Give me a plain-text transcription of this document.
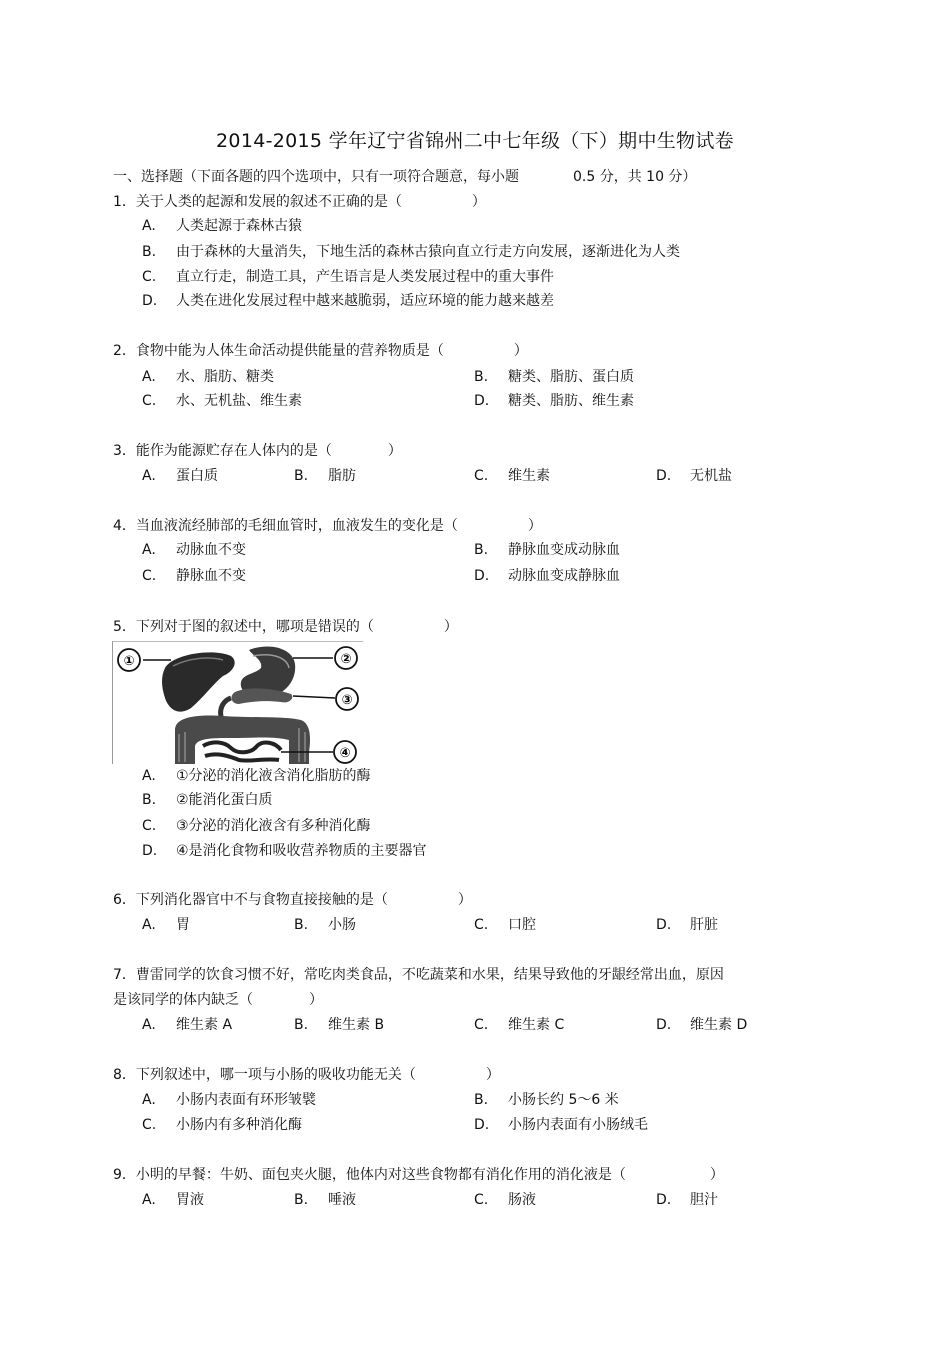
2014-2015 学年辽宁省锦州二中七年级（下）期中生物试卷
一、选择题（下面各题的四个选项中，只有一项符合题意，每小题	0.5 分，共 10 分）
1．关于人类的起源和发展的叙述不正确的是（　　　　　）
A. 人类起源于森林古猿
B. 由于森林的大量消失，下地生活的森林古猿向直立行走方向发展，逐渐进化为人类
C. 直立行走，制造工具，产生语言是人类发展过程中的重大事件
D. 人类在进化发展过程中越来越脆弱，适应环境的能力越来越差
2．食物中能为人体生命活动提供能量的营养物质是（　　　　　）
A. 水、脂肪、糖类	B. 糖类、脂肪、蛋白质
C. 水、无机盐、维生素	D. 糖类、脂肪、维生素
3．能作为能源贮存在人体内的是（　　　　）
A. 蛋白质	B. 脂肪	C. 维生素	D. 无机盐
4．当血液流经肺部的毛细血管时，血液发生的变化是（　　　　　）
A. 动脉血不变	B. 静脉血变成动脉血
C. 静脉血不变	D. 动脉血变成静脉血
5．下列对于图的叙述中，哪项是错误的（　　　　　）
①	②
③
④
A. ①分泌的消化液含消化脂肪的酶
B. ②能消化蛋白质
C. ③分泌的消化液含有多种消化酶
D. ④是消化食物和吸收营养物质的主要器官
6．下列消化器官中不与食物直接接触的是（　　　　　）
A. 胃	B. 小肠	C. 口腔	D. 肝脏
7．曹雷同学的饮食习惯不好，常吃肉类食品，不吃蔬菜和水果，结果导致他的牙龈经常出血，原因
是该同学的体内缺乏（　　　　）
A. 维生素 A	B. 维生素 B	C. 维生素 C	D. 维生素 D
8．下列叙述中，哪一项与小肠的吸收功能无关（　　　　　）
A. 小肠内表面有环形皱襞	B. 小肠长约 5～6 米
C. 小肠内有多种消化酶	D. 小肠内表面有小肠绒毛
9．小明的早餐：牛奶、面包夹火腿，他体内对这些食物都有消化作用的消化液是（　　　　　　）
A. 胃液	B. 唾液	C. 肠液	D. 胆汁
